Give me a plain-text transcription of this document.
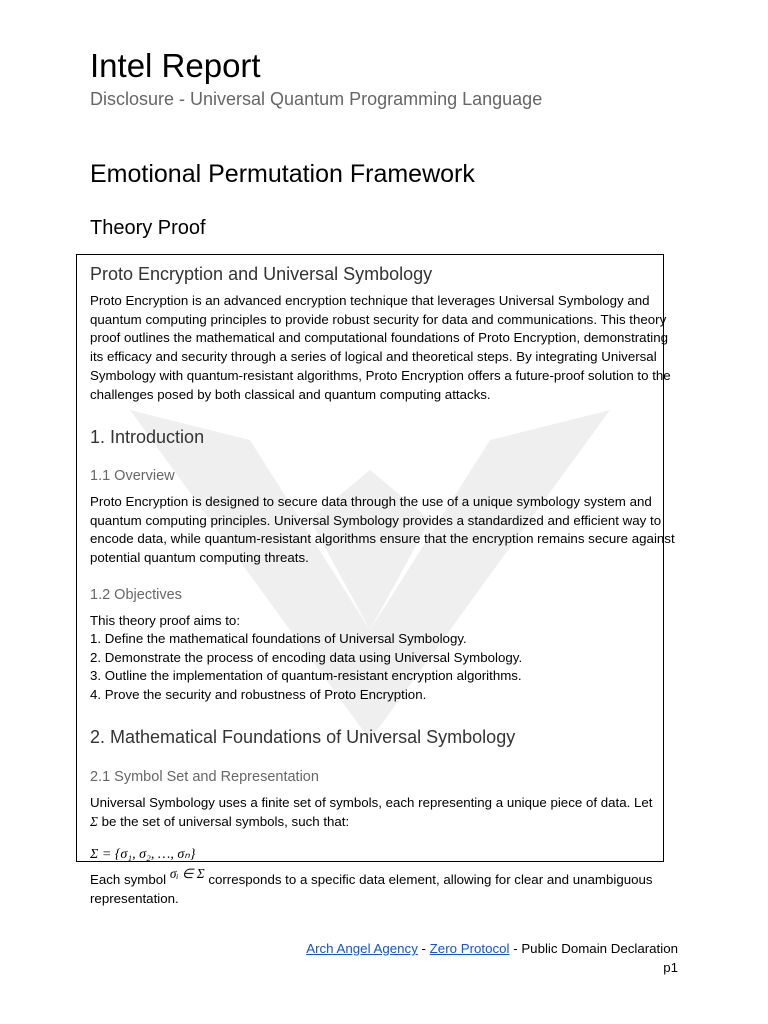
Intel Report
Disclosure - Universal Quantum Programming Language
Emotional Permutation Framework
Theory Proof
Proto Encryption and Universal Symbology
Proto Encryption is an advanced encryption technique that leverages Universal Symbology and quantum computing principles to provide robust security for data and communications. This theory proof outlines the mathematical and computational foundations of Proto Encryption, demonstrating its efficacy and security through a series of logical and theoretical steps. By integrating Universal Symbology with quantum-resistant algorithms, Proto Encryption offers a future-proof solution to the challenges posed by both classical and quantum computing attacks.
1. Introduction
1.1 Overview
Proto Encryption is designed to secure data through the use of a unique symbology system and quantum computing principles. Universal Symbology provides a standardized and efficient way to encode data, while quantum-resistant algorithms ensure that the encryption remains secure against potential quantum computing threats.
1.2 Objectives
This theory proof aims to:
1. Define the mathematical foundations of Universal Symbology.
2. Demonstrate the process of encoding data using Universal Symbology.
3. Outline the implementation of quantum-resistant encryption algorithms.
4. Prove the security and robustness of Proto Encryption.
2. Mathematical Foundations of Universal Symbology
2.1 Symbol Set and Representation
Universal Symbology uses a finite set of symbols, each representing a unique piece of data. Let
Σ be the set of universal symbols, such that:
Σ = {σ₁, σ₂, …, σₙ}
Each symbol σᵢ ∈ Σ corresponds to a specific data element, allowing for clear and unambiguous representation.
Arch Angel Agency - Zero Protocol - Public Domain Declaration
p1
